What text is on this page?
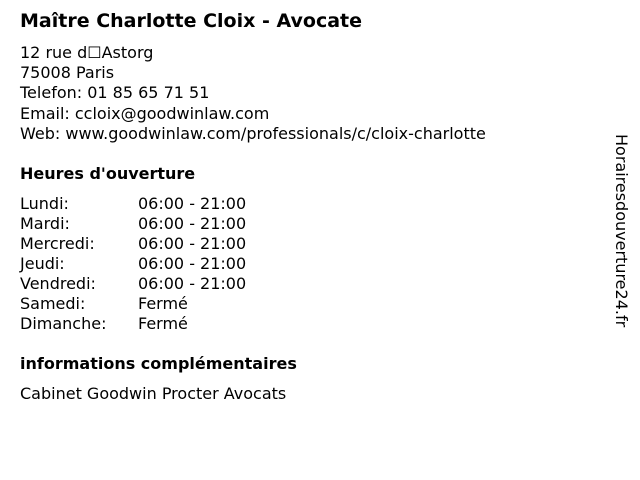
Maître Charlotte Cloix - Avocate
12 rue d☐Astorg
75008 Paris
Telefon: 01 85 65 71 51
Email: ccloix@goodwinlaw.com
Web: www.goodwinlaw.com/professionals/c/cloix-charlotte
Heures d'ouverture
Lundi:	06:00 - 21:00
Mardi:	06:00 - 21:00
Mercredi:	06:00 - 21:00
Jeudi:	06:00 - 21:00
Vendredi:	06:00 - 21:00
Samedi:	Fermé
Dimanche:	Fermé
informations complémentaires
Cabinet Goodwin Procter Avocats
Horairesdouverture24.fr
